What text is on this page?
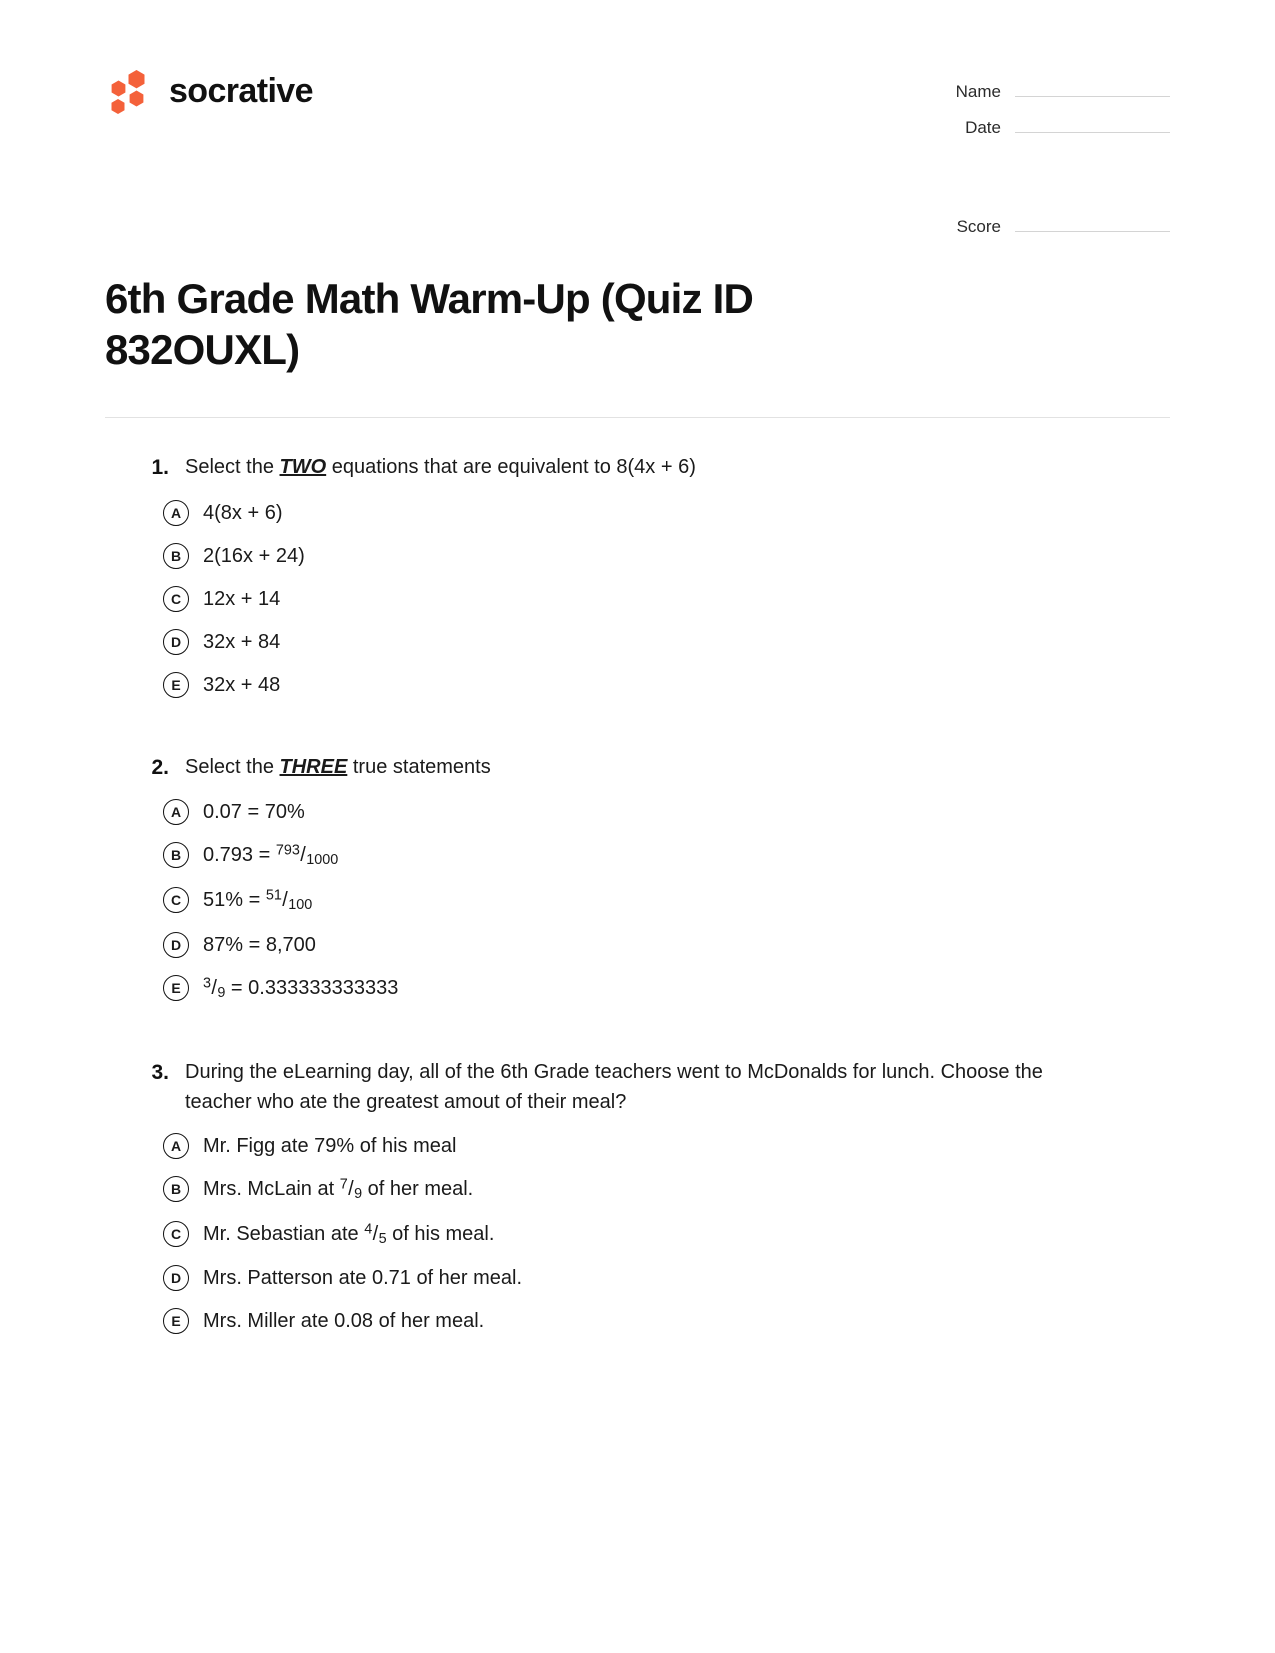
socrative	Name
Date
Score
6th Grade Math Warm-Up (Quiz ID 832OUXL)
1. Select the TWO equations that are equivalent to 8(4x + 6)
A	4(8x + 6)
B	2(16x + 24)
C	12x + 14
D	32x + 84
E	32x + 48
2. Select the THREE true statements
A	0.07 = 70%
B	0.793 = $^{793}$/1000
C	51% = $^{51}$/100
D	87% = 8,700
E	$^3$/9 = 0.333333333333
3. During the eLearning day, all of the 6th Grade teachers went to McDonalds for lunch. Choose the teacher who ate the greatest amout of their meal?
A	Mr. Figg ate 79% of his meal
B	Mrs. McLain at $^7$/9 of her meal.
C	Mr. Sebastian ate $^4$/5 of his meal.
D	Mrs. Patterson ate 0.71 of her meal.
E	Mrs. Miller ate 0.08 of her meal.
